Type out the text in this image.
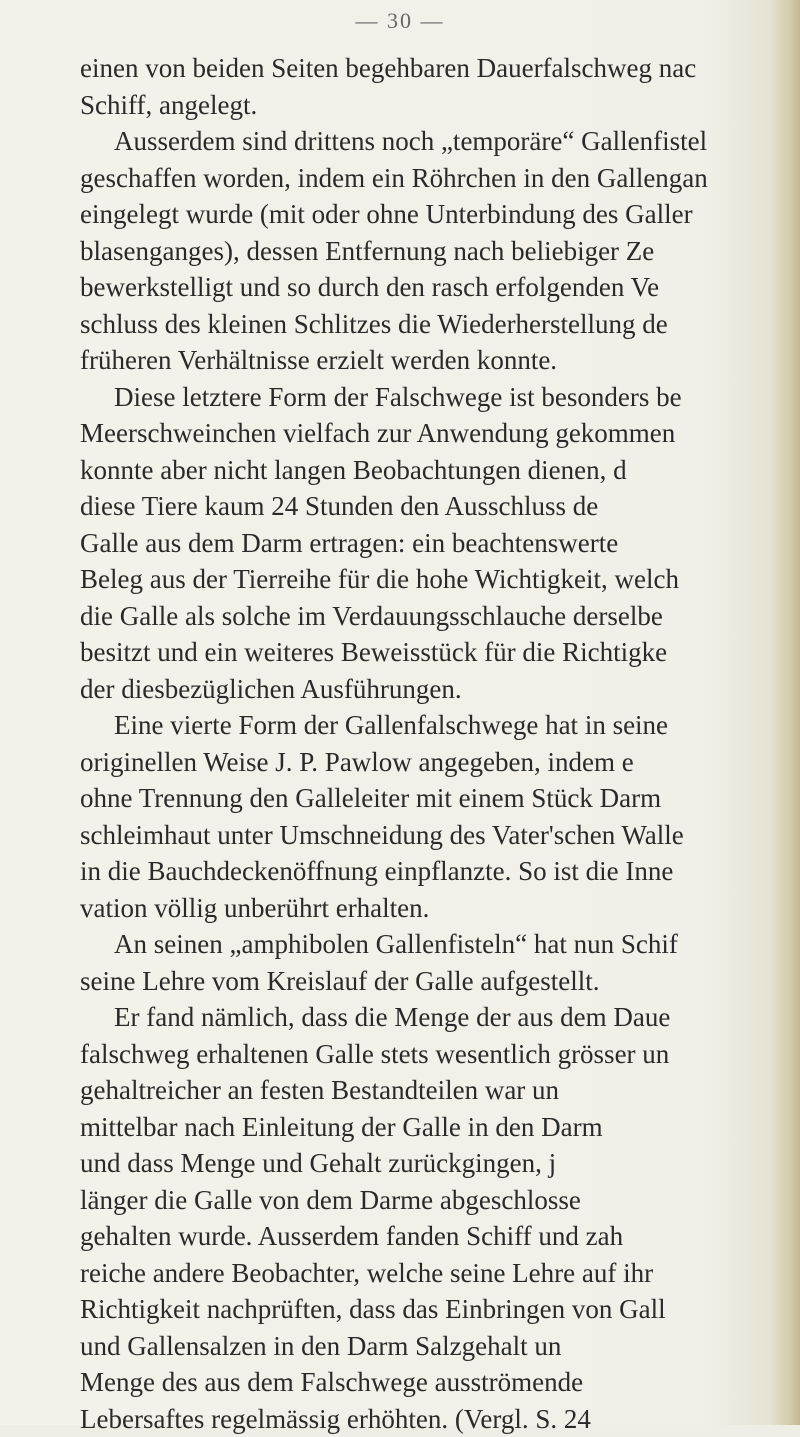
— 30 —
einen von beiden Seiten begehbaren Dauerfalschweg nac
Schiff, angelegt.
Ausserdem sind drittens noch „temporäre“ Gallenfistel
geschaffen worden, indem ein Röhrchen in den Gallengan
eingelegt wurde (mit oder ohne Unterbindung des Galler
blasenganges), dessen Entfernung nach beliebiger Ze
bewerkstelligt und so durch den rasch erfolgenden Ve
schluss des kleinen Schlitzes die Wiederherstellung de
früheren Verhältnisse erzielt werden konnte.
Diese letztere Form der Falschwege ist besonders be
Meerschweinchen vielfach zur Anwendung gekommen
konnte aber nicht langen Beobachtungen dienen, d
diese Tiere kaum 24 Stunden den Ausschluss de
Galle aus dem Darm ertragen: ein beachtenswerte
Beleg aus der Tierreihe für die hohe Wichtigkeit, welch
die Galle als solche im Verdauungsschlauche derselbe
besitzt und ein weiteres Beweisstück für die Richtigke
der diesbezüglichen Ausführungen.
Eine vierte Form der Gallenfalschwege hat in seine
originellen Weise J. P. Pawlow angegeben, indem e
ohne Trennung den Galleleiter mit einem Stück Darm
schleimhaut unter Umschneidung des Vater'schen Walle
in die Bauchdeckenöffnung einpflanzte. So ist die Inne
vation völlig unberührt erhalten.
An seinen „amphibolen Gallenfisteln“ hat nun Schif
seine Lehre vom Kreislauf der Galle aufgestellt.
Er fand nämlich, dass die Menge der aus dem Daue
falschweg erhaltenen Galle stets wesentlich grösser un
gehaltreicher an festen Bestandteilen war un
mittelbar nach Einleitung der Galle in den Darm
und dass Menge und Gehalt zurückgingen, j
länger die Galle von dem Darme abgeschlosse
gehalten wurde. Ausserdem fanden Schiff und zah
reiche andere Beobachter, welche seine Lehre auf ihr
Richtigkeit nachprüften, dass das Einbringen von Gall
und Gallensalzen in den Darm Salzgehalt un
Menge des aus dem Falschwege ausströmende
Lebersaftes regelmässig erhöhten. (Vergl. S. 24
